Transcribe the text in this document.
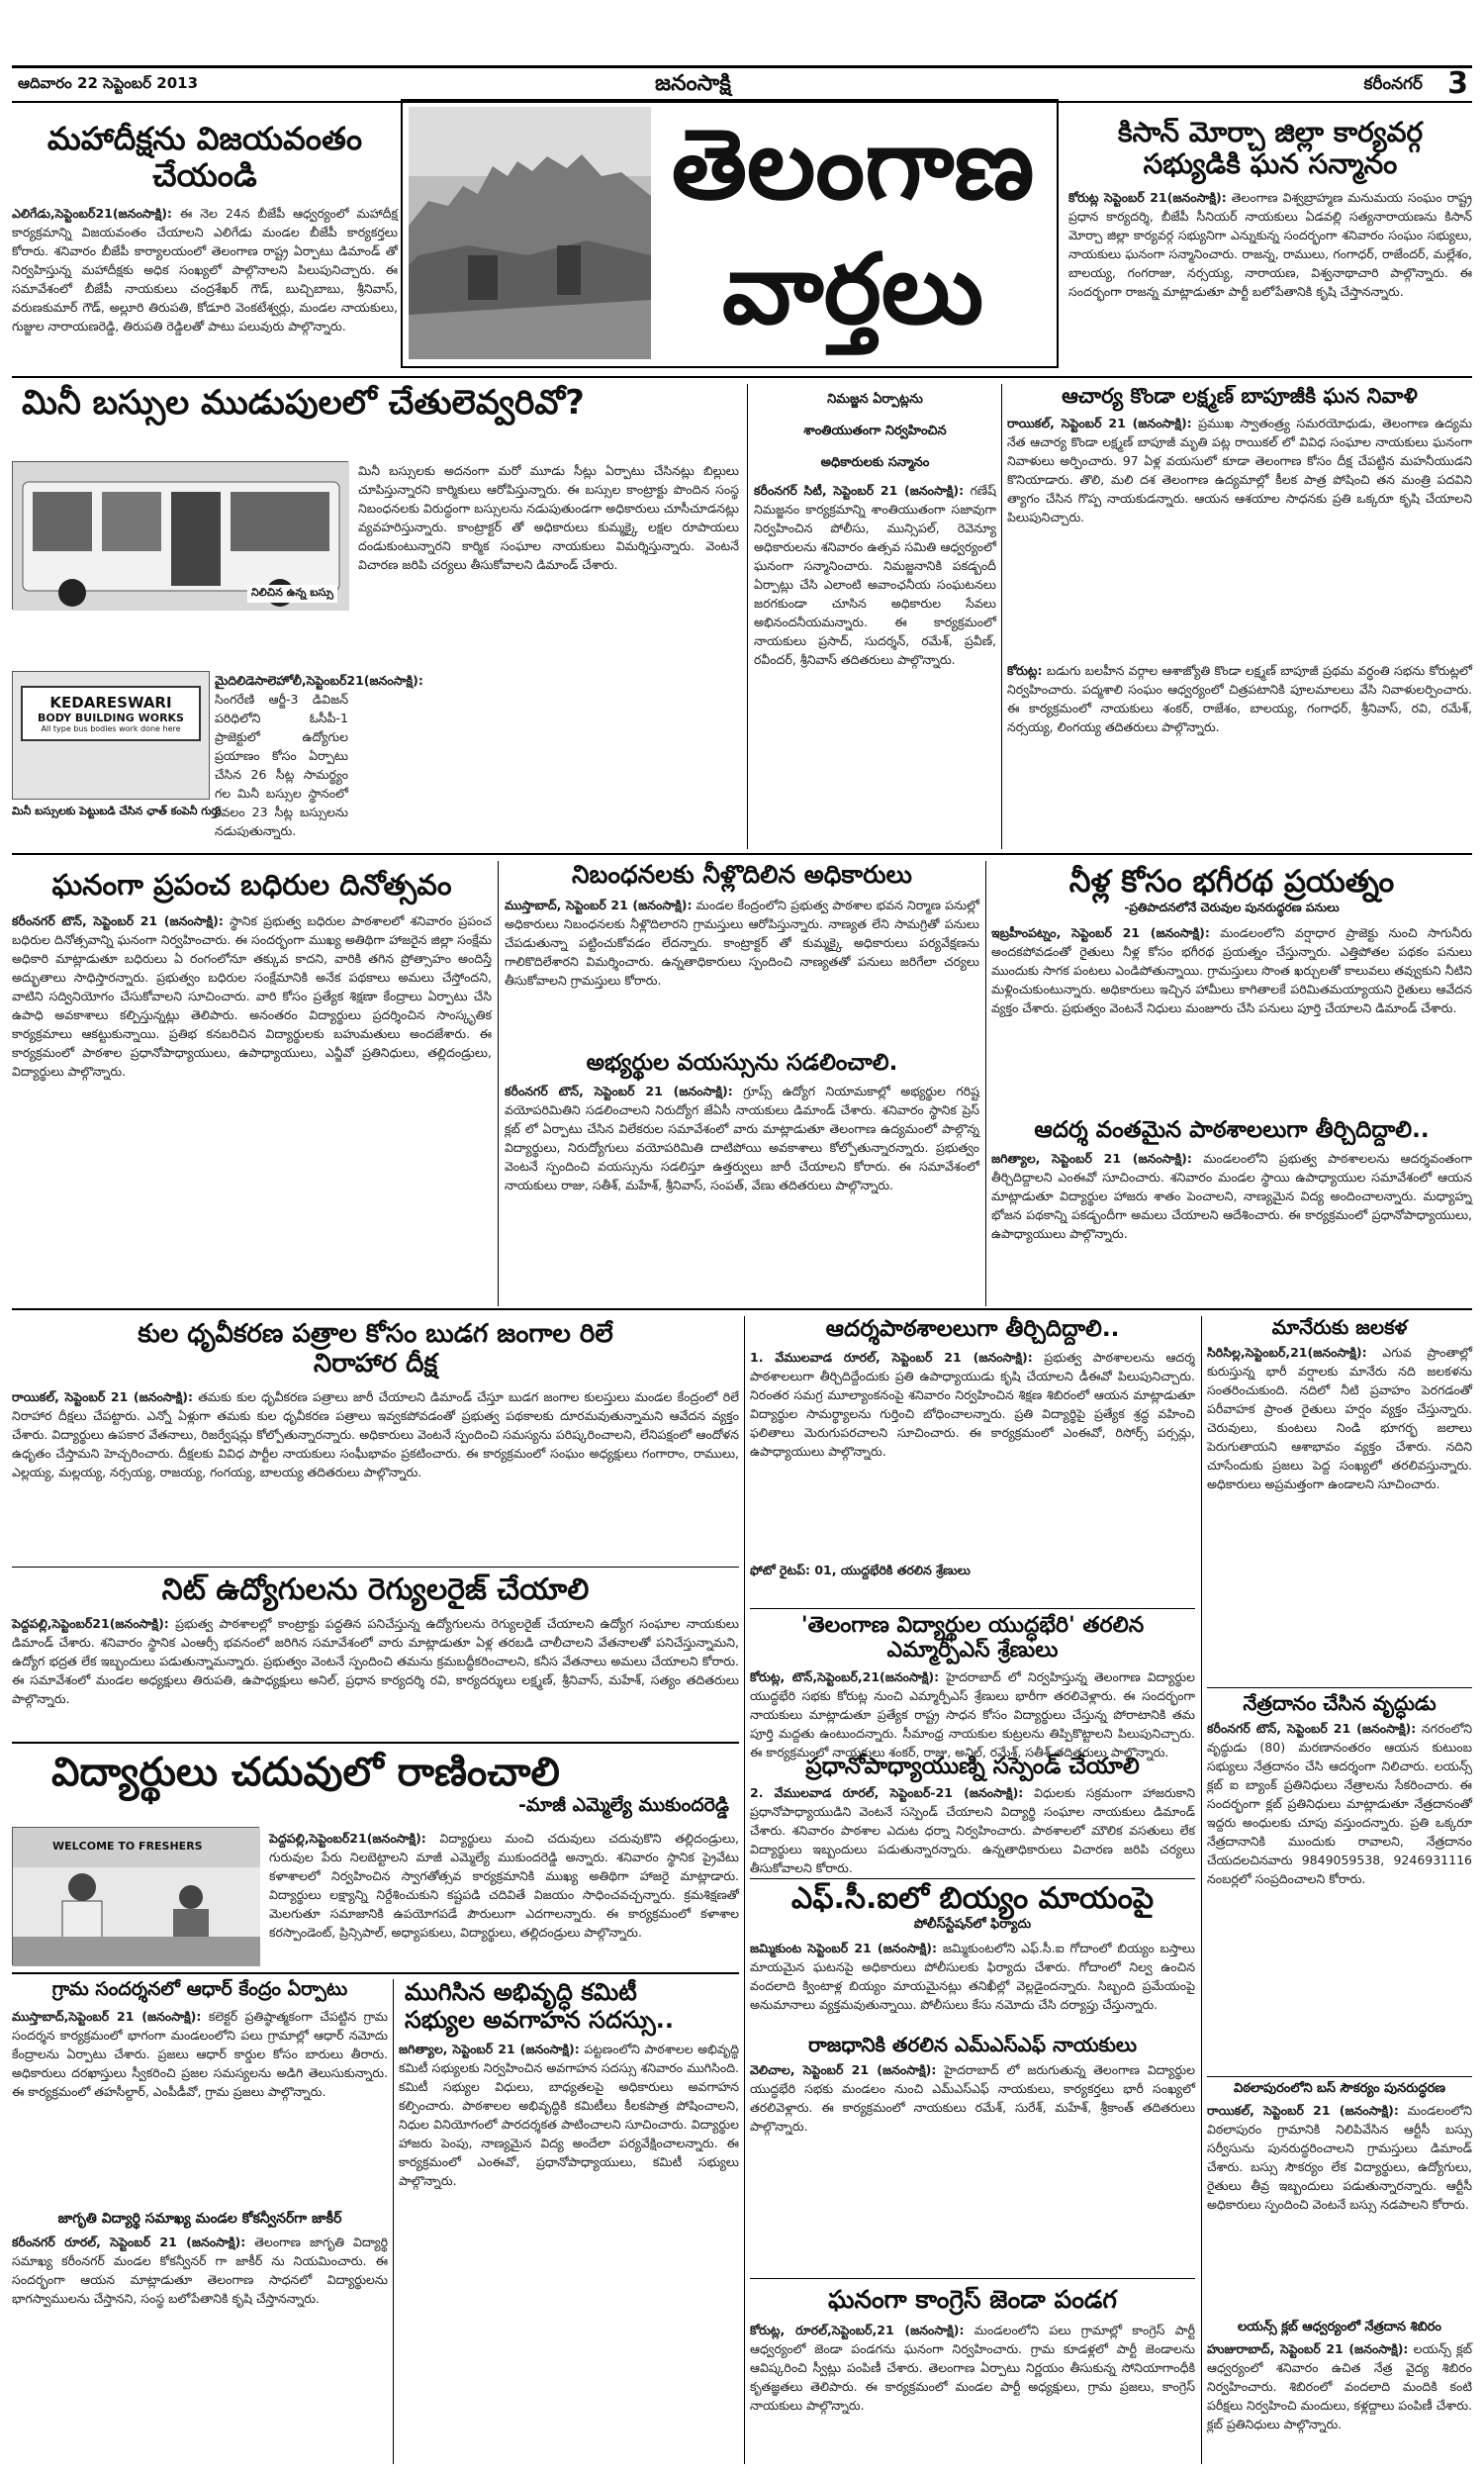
ఆదివారం 22 సెప్టెంబర్ 2013	జనంసాక్షి	కరీంనగర్ 3
మహాదీక్షను విజయవంతం
చేయండి
ఎలిగేడు,సెప్టెంబర్21(జనంసాక్షి): ఈ నెల 24న బీజేపీ ఆధ్వర్యంలో మహాదీక్ష కార్యక్రమాన్ని విజయవంతం చేయాలని ఎలిగేడు మండల బీజేపీ కార్యకర్తలు కోరారు. శనివారం బీజేపీ కార్యాలయంలో తెలంగాణ రాష్ట్ర ఏర్పాటు డిమాండ్ తో నిర్వహిస్తున్న మహాదీక్షకు అధిక సంఖ్యలో పాల్గొనాలని పిలుపునిచ్చారు. ఈ సమావేశంలో బీజేపీ నాయకులు చంద్రశేఖర్ గౌడ్, బుచ్చిబాబు, శ్రీనివాస్, వరుణకుమార్ గౌడ్, అల్లూరి తిరుపతి, కోడూరి వెంకటేశ్వర్లు, మండల నాయకులు, గుజ్జుల నారాయణరెడ్డి, తిరుపతి రెడ్డిలతో పాటు పలువురు పాల్గొన్నారు.
తెలంగాణ
వార్తలు
కిసాన్ మోర్చా జిల్లా కార్యవర్గ
సభ్యుడికి ఘన సన్మానం
కోరుట్ల సెప్టెంబర్ 21(జనంసాక్షి): తెలంగాణ విశ్వబ్రాహ్మణ మనుమయ సంఘం రాష్ట్ర ప్రధాన కార్యదర్శి, బీజేపీ సీనియర్ నాయకులు ఏడవల్లి సత్యనారాయణను కిసాన్ మోర్చా జిల్లా కార్యవర్గ సభ్యునిగా ఎన్నుకున్న సందర్భంగా శనివారం సంఘం సభ్యులు, నాయకులు ఘనంగా సన్మానించారు. రాజన్న, రాములు, గంగాధర్, రాజేందర్, మల్లేశం, బాలయ్య, గంగరాజు, నర్సయ్య, నారాయణ, విశ్వనాథాచారి పాల్గొన్నారు. ఈ సందర్భంగా రాజన్న మాట్లాడుతూ పార్టీ బలోపేతానికి కృషి చేస్తానన్నారు.
మినీ బస్సుల ముడుపులలో చేతులెవ్వరివో?
నిలిచిన ఉన్న బస్సు
KEDARESWARI
BODY BUILDING WORKS
All type bus bodies work done here
మినీ బస్సులకు పెట్టుబడి చేసిన ఛాత్ కంపెనీ గుర్తు
మైదిలిడెసాలెహోలీ,సెప్టెంబర్21(జనంసాక్షి): సింగరేణి ఆర్జీ-3 డివిజన్ పరిధిలోని ఓసీపీ-1 ప్రాజెక్టులో ఉద్యోగుల ప్రయాణం కోసం ఏర్పాటు చేసిన 26 సీట్ల సామర్థ్యం గల మినీ బస్సుల స్థానంలో కేవలం 23 సీట్ల బస్సులను నడుపుతున్నారు.
మినీ బస్సులకు అదనంగా మరో మూడు సీట్లు ఏర్పాటు చేసినట్లు బిల్లులు చూపిస్తున్నారని కార్మికులు ఆరోపిస్తున్నారు. ఈ బస్సుల కాంట్రాక్టు పొందిన సంస్థ నిబంధనలకు విరుద్ధంగా బస్సులను నడుపుతుండగా అధికారులు చూసీచూడనట్లు వ్యవహరిస్తున్నారు. కాంట్రాక్టర్ తో అధికారులు కుమ్మక్కై లక్షల రూపాయలు దండుకుంటున్నారని కార్మిక సంఘాల నాయకులు విమర్శిస్తున్నారు. వెంటనే విచారణ జరిపి చర్యలు తీసుకోవాలని డిమాండ్ చేశారు.
నిమజ్జన ఏర్పాట్లను
శాంతియుతంగా నిర్వహించిన
అధికారులకు సన్మానం
కరీంనగర్ సిటీ, సెప్టెంబర్ 21 (జనంసాక్షి): గణేష్ నిమజ్జనం కార్యక్రమాన్ని శాంతియుతంగా సజావుగా నిర్వహించిన పోలీసు, మున్సిపల్, రెవెన్యూ అధికారులను శనివారం ఉత్సవ సమితి ఆధ్వర్యంలో ఘనంగా సన్మానించారు. నిమజ్జనానికి పకడ్బందీ ఏర్పాట్లు చేసి ఎలాంటి అవాంఛనీయ సంఘటనలు జరగకుండా చూసిన అధికారుల సేవలు అభినందనీయమన్నారు. ఈ కార్యక్రమంలో నాయకులు ప్రసాద్, సుదర్శన్, రమేశ్, ప్రవీణ్, రవీందర్, శ్రీనివాస్ తదితరులు పాల్గొన్నారు.
ఆచార్య కొండా లక్ష్మణ్ బాపూజీకి ఘన నివాళి
రాయికల్, సెప్టెంబర్ 21 (జనంసాక్షి): ప్రముఖ స్వాతంత్ర్య సమరయోధుడు, తెలంగాణ ఉద్యమ నేత ఆచార్య కొండా లక్ష్మణ్ బాపూజీ మృతి పట్ల రాయికల్ లో వివిధ సంఘాల నాయకులు ఘనంగా నివాళులు అర్పించారు. 97 ఏళ్ల వయసులో కూడా తెలంగాణ కోసం దీక్ష చేపట్టిన మహనీయుడని కొనియాడారు. తొలి, మలి దశ తెలంగాణ ఉద్యమాల్లో కీలక పాత్ర పోషించి తన మంత్రి పదవిని త్యాగం చేసిన గొప్ప నాయకుడన్నారు. ఆయన ఆశయాల సాధనకు ప్రతి ఒక్కరూ కృషి చేయాలని పిలుపునిచ్చారు.
కోరుట్ల: బడుగు బలహీన వర్గాల ఆశాజ్యోతి కొండా లక్ష్మణ్ బాపూజీ ప్రథమ వర్ధంతి సభను కోరుట్లలో నిర్వహించారు. పద్మశాలి సంఘం ఆధ్వర్యంలో చిత్రపటానికి పూలమాలలు వేసి నివాళులర్పించారు. ఈ కార్యక్రమంలో నాయకులు శంకర్, రాజేశం, బాలయ్య, గంగాధర్, శ్రీనివాస్, రవి, రమేశ్, నర్సయ్య, లింగయ్య తదితరులు పాల్గొన్నారు.
ఘనంగా ప్రపంచ బధిరుల దినోత్సవం
కరీంనగర్ టౌన్, సెప్టెంబర్ 21 (జనంసాక్షి): స్థానిక ప్రభుత్వ బధిరుల పాఠశాలలో శనివారం ప్రపంచ బధిరుల దినోత్సవాన్ని ఘనంగా నిర్వహించారు. ఈ సందర్భంగా ముఖ్య అతిథిగా హాజరైన జిల్లా సంక్షేమ అధికారి మాట్లాడుతూ బధిరులు ఏ రంగంలోనూ తక్కువ కాదని, వారికి తగిన ప్రోత్సాహం అందిస్తే అద్భుతాలు సాధిస్తారన్నారు. ప్రభుత్వం బధిరుల సంక్షేమానికి అనేక పథకాలు అమలు చేస్తోందని, వాటిని సద్వినియోగం చేసుకోవాలని సూచించారు. వారి కోసం ప్రత్యేక శిక్షణా కేంద్రాలు ఏర్పాటు చేసి ఉపాధి అవకాశాలు కల్పిస్తున్నట్లు తెలిపారు. అనంతరం విద్యార్థులు ప్రదర్శించిన సాంస్కృతిక కార్యక్రమాలు ఆకట్టుకున్నాయి. ప్రతిభ కనబరిచిన విద్యార్థులకు బహుమతులు అందజేశారు. ఈ కార్యక్రమంలో పాఠశాల ప్రధానోపాధ్యాయులు, ఉపాధ్యాయులు, ఎన్జీవో ప్రతినిధులు, తల్లిదండ్రులు, విద్యార్థులు పాల్గొన్నారు.
నిబంధనలకు నీళ్లొదిలిన అధికారులు
ముస్తాబాద్, సెప్టెంబర్ 21 (జనంసాక్షి): మండల కేంద్రంలోని ప్రభుత్వ పాఠశాల భవన నిర్మాణ పనుల్లో అధికారులు నిబంధనలకు నీళ్లొదిలారని గ్రామస్తులు ఆరోపిస్తున్నారు. నాణ్యత లేని సామగ్రితో పనులు చేపడుతున్నా పట్టించుకోవడం లేదన్నారు. కాంట్రాక్టర్ తో కుమ్మక్కై అధికారులు పర్యవేక్షణను గాలికొదిలేశారని విమర్శించారు. ఉన్నతాధికారులు స్పందించి నాణ్యతతో పనులు జరిగేలా చర్యలు తీసుకోవాలని గ్రామస్తులు కోరారు.
అభ్యర్థుల వయస్సును సడలించాలి.
కరీంనగర్ టౌన్, సెప్టెంబర్ 21 (జనంసాక్షి): గ్రూప్స్ ఉద్యోగ నియామకాల్లో అభ్యర్థుల గరిష్ట వయోపరిమితిని సడలించాలని నిరుద్యోగ జేఏసీ నాయకులు డిమాండ్ చేశారు. శనివారం స్థానిక ప్రెస్ క్లబ్ లో ఏర్పాటు చేసిన విలేకరుల సమావేశంలో వారు మాట్లాడుతూ తెలంగాణ ఉద్యమంలో పాల్గొన్న విద్యార్థులు, నిరుద్యోగులు వయోపరిమితి దాటిపోయి అవకాశాలు కోల్పోతున్నారన్నారు. ప్రభుత్వం వెంటనే స్పందించి వయస్సును సడలిస్తూ ఉత్తర్వులు జారీ చేయాలని కోరారు. ఈ సమావేశంలో నాయకులు రాజు, సతీశ్, మహేశ్, శ్రీనివాస్, సంపత్, వేణు తదితరులు పాల్గొన్నారు.
నీళ్ల కోసం భగీరథ ప్రయత్నం
-ప్రతిపాదనలోనే చెరువుల పునరుద్ధరణ పనులు
ఇబ్రహీంపట్నం, సెప్టెంబర్ 21 (జనంసాక్షి): మండలంలోని వర్షాధార ప్రాజెక్టు నుంచి సాగునీరు అందకపోవడంతో రైతులు నీళ్ల కోసం భగీరథ ప్రయత్నం చేస్తున్నారు. ఎత్తిపోతల పథకం పనులు ముందుకు సాగక పంటలు ఎండిపోతున్నాయి. గ్రామస్తులు సొంత ఖర్చులతో కాలువలు తవ్వుకుని నీటిని మళ్లించుకుంటున్నారు. అధికారులు ఇచ్చిన హామీలు కాగితాలకే పరిమితమయ్యాయని రైతులు ఆవేదన వ్యక్తం చేశారు. ప్రభుత్వం వెంటనే నిధులు మంజూరు చేసి పనులు పూర్తి చేయాలని డిమాండ్ చేశారు.
ఆదర్శ వంతమైన పాఠశాలలుగా తీర్చిదిద్దాలి..
జగిత్యాల, సెప్టెంబర్ 21 (జనంసాక్షి): మండలంలోని ప్రభుత్వ పాఠశాలలను ఆదర్శవంతంగా తీర్చిదిద్దాలని ఎంఈవో సూచించారు. శనివారం మండల స్థాయి ఉపాధ్యాయుల సమావేశంలో ఆయన మాట్లాడుతూ విద్యార్థుల హాజరు శాతం పెంచాలని, నాణ్యమైన విద్య అందించాలన్నారు. మధ్యాహ్న భోజన పథకాన్ని పకడ్బందీగా అమలు చేయాలని ఆదేశించారు. ఈ కార్యక్రమంలో ప్రధానోపాధ్యాయులు, ఉపాధ్యాయులు పాల్గొన్నారు.
కుల ధృవీకరణ పత్రాల కోసం బుడగ జంగాల రిలే
నిరాహార దీక్ష
రాయికల్, సెప్టెంబర్ 21 (జనంసాక్షి): తమకు కుల ధృవీకరణ పత్రాలు జారీ చేయాలని డిమాండ్ చేస్తూ బుడగ జంగాల కులస్తులు మండల కేంద్రంలో రిలే నిరాహార దీక్షలు చేపట్టారు. ఎన్నో ఏళ్లుగా తమకు కుల ధృవీకరణ పత్రాలు ఇవ్వకపోవడంతో ప్రభుత్వ పథకాలకు దూరమవుతున్నామని ఆవేదన వ్యక్తం చేశారు. విద్యార్థులు ఉపకార వేతనాలు, రిజర్వేషన్లు కోల్పోతున్నారన్నారు. అధికారులు వెంటనే స్పందించి సమస్యను పరిష్కరించాలని, లేనిపక్షంలో ఆందోళన ఉధృతం చేస్తామని హెచ్చరించారు. దీక్షలకు వివిధ పార్టీల నాయకులు సంఘీభావం ప్రకటించారు. ఈ కార్యక్రమంలో సంఘం అధ్యక్షులు గంగారాం, రాములు, ఎల్లయ్య, మల్లయ్య, నర్సయ్య, రాజయ్య, గంగయ్య, బాలయ్య తదితరులు పాల్గొన్నారు.
నిట్ ఉద్యోగులను రెగ్యులరైజ్ చేయాలి
పెద్దపల్లి,సెప్టెంబర్21(జనంసాక్షి): ప్రభుత్వ పాఠశాలల్లో కాంట్రాక్టు పద్ధతిన పనిచేస్తున్న ఉద్యోగులను రెగ్యులరైజ్ చేయాలని ఉద్యోగ సంఘాల నాయకులు డిమాండ్ చేశారు. శనివారం స్థానిక ఎంఆర్సీ భవనంలో జరిగిన సమావేశంలో వారు మాట్లాడుతూ ఏళ్ల తరబడి చాలీచాలని వేతనాలతో పనిచేస్తున్నామని, ఉద్యోగ భద్రత లేక ఇబ్బందులు పడుతున్నామన్నారు. ప్రభుత్వం వెంటనే స్పందించి తమను క్రమబద్ధీకరించాలని, కనీస వేతనాలు అమలు చేయాలని కోరారు. ఈ సమావేశంలో మండల అధ్యక్షులు తిరుపతి, ఉపాధ్యక్షులు అనిల్, ప్రధాన కార్యదర్శి రవి, కార్యదర్శులు లక్ష్మణ్, శ్రీనివాస్, మహేశ్, సత్యం తదితరులు పాల్గొన్నారు.
విద్యార్థులు చదువులో రాణించాలి
-మాజీ ఎమ్మెల్యే ముకుందరెడ్డి
WELCOME TO FRESHERS
పెద్దపల్లి,సెప్టెంబర్21(జనంసాక్షి): విద్యార్థులు మంచి చదువులు చదువుకొని తల్లిదండ్రులు, గురువుల పేరు నిలబెట్టాలని మాజీ ఎమ్మెల్యే ముకుందరెడ్డి అన్నారు. శనివారం స్థానిక ప్రైవేటు కళాశాలలో నిర్వహించిన స్వాగతోత్సవ కార్యక్రమానికి ముఖ్య అతిథిగా హాజరై మాట్లాడారు. విద్యార్థులు లక్ష్యాన్ని నిర్దేశించుకుని కష్టపడి చదివితే విజయం సాధించవచ్చన్నారు. క్రమశిక్షణతో మెలగుతూ సమాజానికి ఉపయోగపడే పౌరులుగా ఎదగాలన్నారు. ఈ కార్యక్రమంలో కళాశాల కరస్పాండెంట్, ప్రిన్సిపాల్, అధ్యాపకులు, విద్యార్థులు, తల్లిదండ్రులు పాల్గొన్నారు.
గ్రామ సందర్శనలో ఆధార్ కేంద్రం ఏర్పాటు
ముస్తాబాద్,సెప్టెంబర్ 21 (జనంసాక్షి): కలెక్టర్ ప్రతిష్ఠాత్మకంగా చేపట్టిన గ్రామ సందర్శన కార్యక్రమంలో భాగంగా మండలంలోని పలు గ్రామాల్లో ఆధార్ నమోదు కేంద్రాలను ఏర్పాటు చేశారు. ప్రజలు ఆధార్ కార్డుల కోసం బారులు తీరారు. అధికారులు దరఖాస్తులు స్వీకరించి ప్రజల సమస్యలను అడిగి తెలుసుకున్నారు. ఈ కార్యక్రమంలో తహసీల్దార్, ఎంపీడీవో, గ్రామ ప్రజలు పాల్గొన్నారు.
జాగృతి విద్యార్థి సమాఖ్య మండల కోకన్వీనర్‌గా జాకీర్
కరీంనగర్ రూరల్, సెప్టెంబర్ 21 (జనంసాక్షి): తెలంగాణ జాగృతి విద్యార్థి సమాఖ్య కరీంనగర్ మండల కోకన్వీనర్ గా జాకీర్ ను నియమించారు. ఈ సందర్భంగా ఆయన మాట్లాడుతూ తెలంగాణ సాధనలో విద్యార్థులను భాగస్వాములను చేస్తానని, సంస్థ బలోపేతానికి కృషి చేస్తానన్నారు.
ముగిసిన అభివృద్ధి కమిటీ
సభ్యుల అవగాహన సదస్సు..
జగిత్యాల, సెప్టెంబర్ 21 (జనంసాక్షి): పట్టణంలోని పాఠశాలల అభివృద్ధి కమిటీ సభ్యులకు నిర్వహించిన అవగాహన సదస్సు శనివారం ముగిసింది. కమిటీ సభ్యుల విధులు, బాధ్యతలపై అధికారులు అవగాహన కల్పించారు. పాఠశాలల అభివృద్ధికి కమిటీలు కీలకపాత్ర పోషించాలని, నిధుల వినియోగంలో పారదర్శకత పాటించాలని సూచించారు. విద్యార్థుల హాజరు పెంపు, నాణ్యమైన విద్య అందేలా పర్యవేక్షించాలన్నారు. ఈ కార్యక్రమంలో ఎంఈవో, ప్రధానోపాధ్యాయులు, కమిటీ సభ్యులు పాల్గొన్నారు.
ఆదర్శపాఠశాలలుగా తీర్చిదిద్దాలి..
1. వేములవాడ రూరల్, సెప్టెంబర్ 21 (జనంసాక్షి): ప్రభుత్వ పాఠశాలలను ఆదర్శ పాఠశాలలుగా తీర్చిదిద్దేందుకు ప్రతి ఉపాధ్యాయుడు కృషి చేయాలని డీఈవో పిలుపునిచ్చారు. నిరంతర సమగ్ర మూల్యాంకనంపై శనివారం నిర్వహించిన శిక్షణ శిబిరంలో ఆయన మాట్లాడుతూ విద్యార్థుల సామర్థ్యాలను గుర్తించి బోధించాలన్నారు. ప్రతి విద్యార్థిపై ప్రత్యేక శ్రద్ధ వహించి ఫలితాలు మెరుగుపరచాలని సూచించారు. ఈ కార్యక్రమంలో ఎంఈవో, రిసోర్స్ పర్సన్లు, ఉపాధ్యాయులు పాల్గొన్నారు.
ఫోటో రైటప్: 01, యుద్దభేరికి తరలిన శ్రేణులు
'తెలంగాణ విద్యార్థుల యుద్ధభేరి' తరలిన
ఎమ్మార్పీఎస్ శ్రేణులు
కోరుట్ల, టౌన్,సెప్టెంబర్,21(జనంసాక్షి): హైదరాబాద్ లో నిర్వహిస్తున్న తెలంగాణ విద్యార్థుల యుద్ధభేరి సభకు కోరుట్ల నుంచి ఎమ్మార్పీఎస్ శ్రేణులు భారీగా తరలివెళ్లారు. ఈ సందర్భంగా నాయకులు మాట్లాడుతూ ప్రత్యేక రాష్ట్ర సాధన కోసం విద్యార్థులు చేస్తున్న పోరాటానికి తమ పూర్తి మద్దతు ఉంటుందన్నారు. సీమాంధ్ర నాయకుల కుట్రలను తిప్పికొట్టాలని పిలుపునిచ్చారు. ఈ కార్యక్రమంలో నాయకులు శంకర్, రాజు, అనిల్, రమేశ్, సతీశ్ తదితరులు పాల్గొన్నారు.
ప్రధానోపాధ్యాయుణ్ని సస్పెండ్ చేయాలి
2. వేములవాడ రూరల్, సెప్టెంబర్-21 (జనంసాక్షి): విధులకు సక్రమంగా హాజరుకాని ప్రధానోపాధ్యాయుడిని వెంటనే సస్పెండ్ చేయాలని విద్యార్థి సంఘాల నాయకులు డిమాండ్ చేశారు. శనివారం పాఠశాల ఎదుట ధర్నా నిర్వహించారు. పాఠశాలలో మౌలిక వసతులు లేక విద్యార్థులు ఇబ్బందులు పడుతున్నారన్నారు. ఉన్నతాధికారులు విచారణ జరిపి చర్యలు తీసుకోవాలని కోరారు.
ఎఫ్.సీ.ఐలో బియ్యం మాయంపై
పోలీస్‌స్టేషన్‌లో ఫిర్యాదు
జమ్మికుంట సెప్టెంబర్ 21 (జనంసాక్షి): జమ్మికుంటలోని ఎఫ్.సీ.ఐ గోదాంలో బియ్యం బస్తాలు మాయమైన ఘటనపై అధికారులు పోలీసులకు ఫిర్యాదు చేశారు. గోదాంలో నిల్వ ఉంచిన వందలాది క్వింటాళ్ల బియ్యం మాయమైనట్లు తనిఖీల్లో వెల్లడైందన్నారు. సిబ్బంది ప్రమేయంపై అనుమానాలు వ్యక్తమవుతున్నాయి. పోలీసులు కేసు నమోదు చేసి దర్యాప్తు చేస్తున్నారు.
రాజధానికి తరలిన ఎమ్ఎస్ఎఫ్ నాయకులు
వెలిచాల, సెప్టెంబర్ 21 (జనంసాక్షి): హైదరాబాద్ లో జరుగుతున్న తెలంగాణ విద్యార్థుల యుద్ధభేరి సభకు మండలం నుంచి ఎమ్ఎస్ఎఫ్ నాయకులు, కార్యకర్తలు భారీ సంఖ్యలో తరలివెళ్లారు. ఈ కార్యక్రమంలో నాయకులు రమేశ్, సురేశ్, మహేశ్, శ్రీకాంత్ తదితరులు పాల్గొన్నారు.
ఘనంగా కాంగ్రెస్ జెండా పండగ
కోరుట్ల, రూరల్,సెప్టెంబర్,21 (జనంసాక్షి): మండలంలోని పలు గ్రామాల్లో కాంగ్రెస్ పార్టీ ఆధ్వర్యంలో జెండా పండగను ఘనంగా నిర్వహించారు. గ్రామ కూడళ్లలో పార్టీ జెండాలను ఆవిష్కరించి స్వీట్లు పంపిణీ చేశారు. తెలంగాణ ఏర్పాటు నిర్ణయం తీసుకున్న సోనియాగాంధీకి కృతజ్ఞతలు తెలిపారు. ఈ కార్యక్రమంలో మండల పార్టీ అధ్యక్షులు, గ్రామ ప్రజలు, కాంగ్రెస్ నాయకులు పాల్గొన్నారు.
మానేరుకు జలకళ
సిరిసిల్ల,సెప్టెంబర్,21(జనంసాక్షి): ఎగువ ప్రాంతాల్లో కురుస్తున్న భారీ వర్షాలకు మానేరు నది జలకళను సంతరించుకుంది. నదిలో నీటి ప్రవాహం పెరగడంతో పరీవాహక ప్రాంత రైతులు హర్షం వ్యక్తం చేస్తున్నారు. చెరువులు, కుంటలు నిండి భూగర్భ జలాలు పెరుగుతాయని ఆశాభావం వ్యక్తం చేశారు. నదిని చూసేందుకు ప్రజలు పెద్ద సంఖ్యలో తరలివస్తున్నారు. అధికారులు అప్రమత్తంగా ఉండాలని సూచించారు.
నేత్రదానం చేసిన వృద్ధుడు
కరీంనగర్ టౌన్, సెప్టెంబర్ 21 (జనంసాక్షి): నగరంలోని వృద్ధుడు (80) మరణానంతరం ఆయన కుటుంబ సభ్యులు నేత్రదానం చేసి ఆదర్శంగా నిలిచారు. లయన్స్ క్లబ్ ఐ బ్యాంక్ ప్రతినిధులు నేత్రాలను సేకరించారు. ఈ సందర్భంగా క్లబ్ ప్రతినిధులు మాట్లాడుతూ నేత్రదానంతో ఇద్దరు అంధులకు చూపు వస్తుందన్నారు. ప్రతి ఒక్కరూ నేత్రదానానికి ముందుకు రావాలని, నేత్రదానం చేయదలచినవారు 9849059538, 9246931116 నంబర్లలో సంప్రదించాలని కోరారు.
విఠలాపురంలోని బస్ సౌకర్యం పునరుద్ధరణ
రాయికల్, సెప్టెంబర్ 21 (జనంసాక్షి): మండలంలోని విఠలాపురం గ్రామానికి నిలిపివేసిన ఆర్టీసీ బస్సు సర్వీసును పునరుద్ధరించాలని గ్రామస్తులు డిమాండ్ చేశారు. బస్సు సౌకర్యం లేక విద్యార్థులు, ఉద్యోగులు, రైతులు తీవ్ర ఇబ్బందులు పడుతున్నారన్నారు. ఆర్టీసీ అధికారులు స్పందించి వెంటనే బస్సు నడపాలని కోరారు.
లయన్స్ క్లబ్ ఆధ్వర్యంలో నేత్రదాన శిబిరం
హుజురాబాద్, సెప్టెంబర్ 21 (జనంసాక్షి): లయన్స్ క్లబ్ ఆధ్వర్యంలో శనివారం ఉచిత నేత్ర వైద్య శిబిరం నిర్వహించారు. శిబిరంలో వందలాది మందికి కంటి పరీక్షలు నిర్వహించి మందులు, కళ్లద్దాలు పంపిణీ చేశారు. క్లబ్ ప్రతినిధులు పాల్గొన్నారు.
